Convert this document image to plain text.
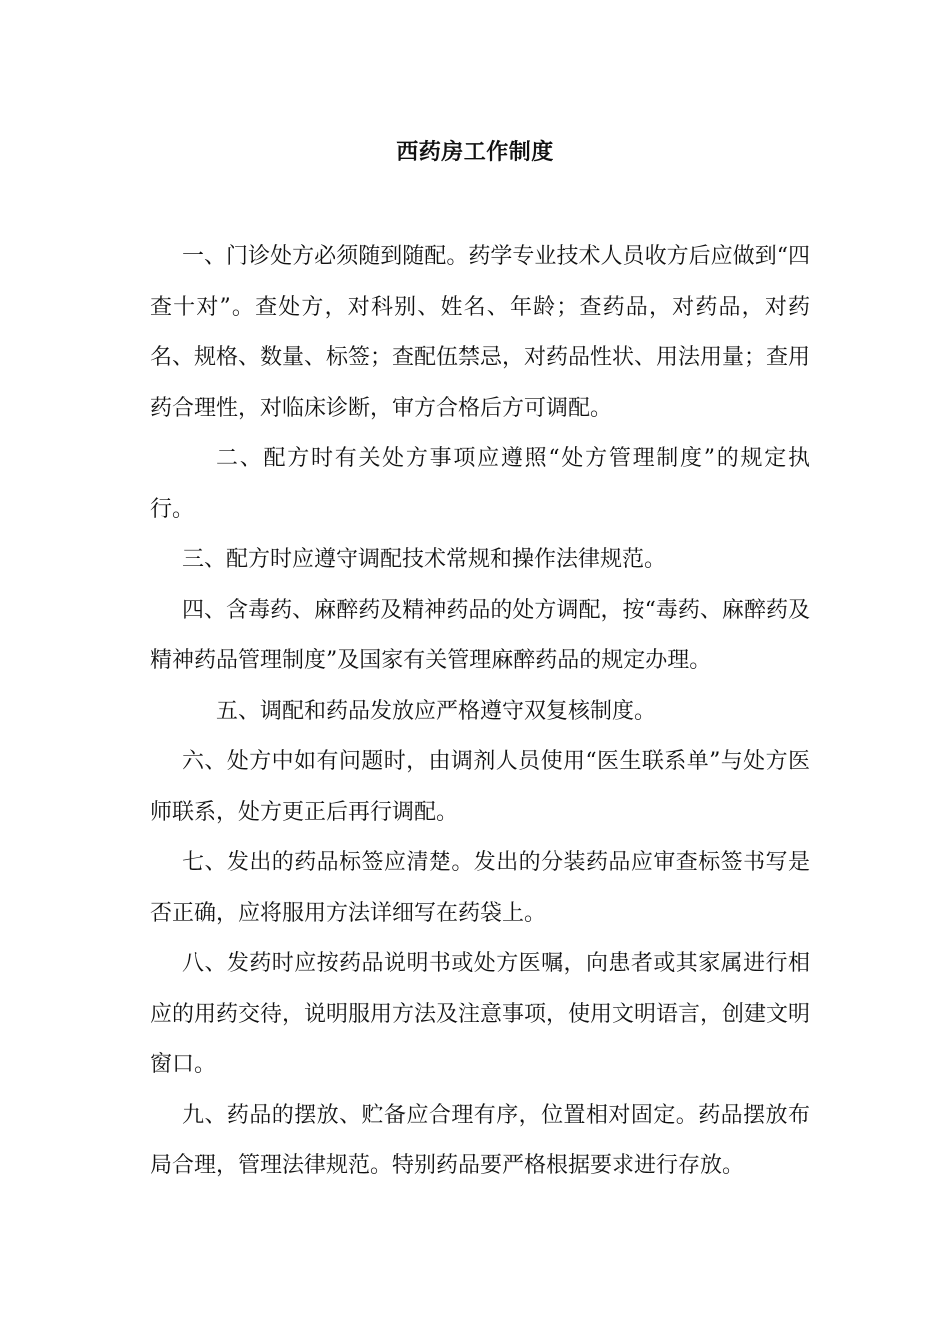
西药房工作制度

一、门诊处方必须随到随配。药学专业技术人员收方后应做到“四查十对”。查处方，对科别、姓名、年龄；查药品，对药品，对药名、规格、数量、标签；查配伍禁忌，对药品性状、用法用量；查用药合理性，对临床诊断，审方合格后方可调配。

二、配方时有关处方事项应遵照“处方管理制度”的规定执行。

三、配方时应遵守调配技术常规和操作法律规范。

四、含毒药、麻醉药及精神药品的处方调配，按“毒药、麻醉药及精神药品管理制度”及国家有关管理麻醉药品的规定办理。

五、调配和药品发放应严格遵守双复核制度。

六、处方中如有问题时，由调剂人员使用“医生联系单”与处方医师联系，处方更正后再行调配。

七、发出的药品标签应清楚。发出的分装药品应审查标签书写是否正确，应将服用方法详细写在药袋上。

八、发药时应按药品说明书或处方医嘱，向患者或其家属进行相应的用药交待，说明服用方法及注意事项，使用文明语言，创建文明窗口。

九、药品的摆放、贮备应合理有序，位置相对固定。药品摆放布局合理，管理法律规范。特别药品要严格根据要求进行存放。
